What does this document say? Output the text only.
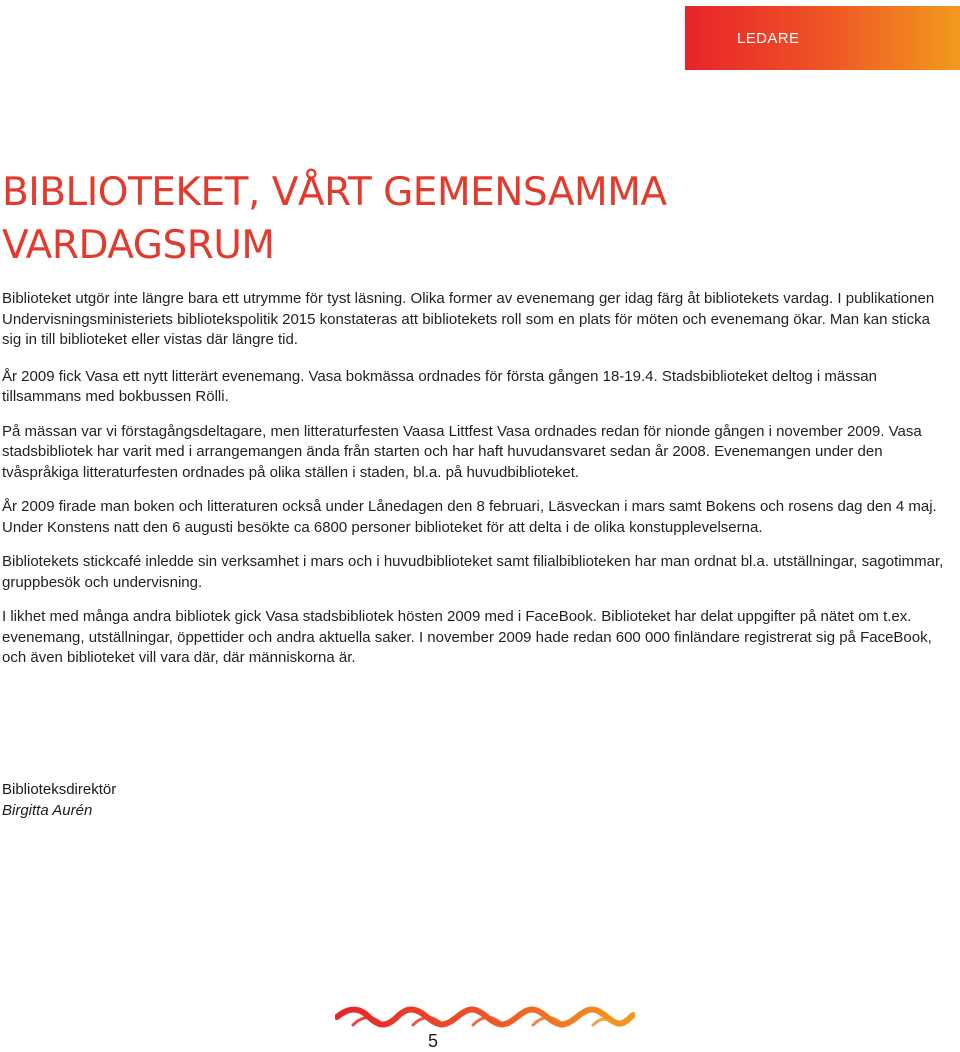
LEDARE
BIBLIOTEKET, VÅRT GEMENSAMMA
VARDAGSRUM

Biblioteket utgör inte längre bara ett utrymme för tyst läsning. Olika former av evenemang ger idag färg åt bibliotekets vardag. I publikationen Undervisningsministeriets bibliotekspolitik 2015 konstateras att bibliotekets roll som en plats för möten och evenemang ökar. Man kan sticka sig in till biblioteket eller vistas där längre tid.

År 2009 fick Vasa ett nytt litterärt evenemang. Vasa bokmässa ordnades för första gången 18-19.4. Stadsbiblioteket deltog i mässan tillsammans med bokbussen Rölli.

På mässan var vi förstagångsdeltagare, men litteraturfesten Vaasa Littfest Vasa ordnades redan för nionde gången i november 2009. Vasa stadsbibliotek har varit med i arrangemangen ända från starten och har haft huvudansvaret sedan år 2008. Evenemangen under den tvåspråkiga litteraturfesten ordnades på olika ställen i staden, bl.a. på huvudbiblioteket.

År 2009 firade man boken och litteraturen också under Lånedagen den 8 februari, Läsveckan i mars samt Bokens och rosens dag den 4 maj. Under Konstens natt den 6 augusti besökte ca 6800 personer biblioteket för att delta i de olika konstupplevelserna.

Bibliotekets stickcafé inledde sin verksamhet i mars och i huvudbiblioteket samt filialbiblioteken har man ordnat bl.a. utställningar, sagotimmar, gruppbesök och undervisning.

I likhet med många andra bibliotek gick Vasa stadsbibliotek hösten 2009 med i FaceBook. Biblioteket har delat uppgifter på nätet om t.ex. evenemang, utställningar, öppettider och andra aktuella saker. I november 2009 hade redan 600 000 finländare registrerat sig på FaceBook, och även biblioteket vill vara där, där människorna är.

Biblioteksdirektör
Birgitta Aurén
5
